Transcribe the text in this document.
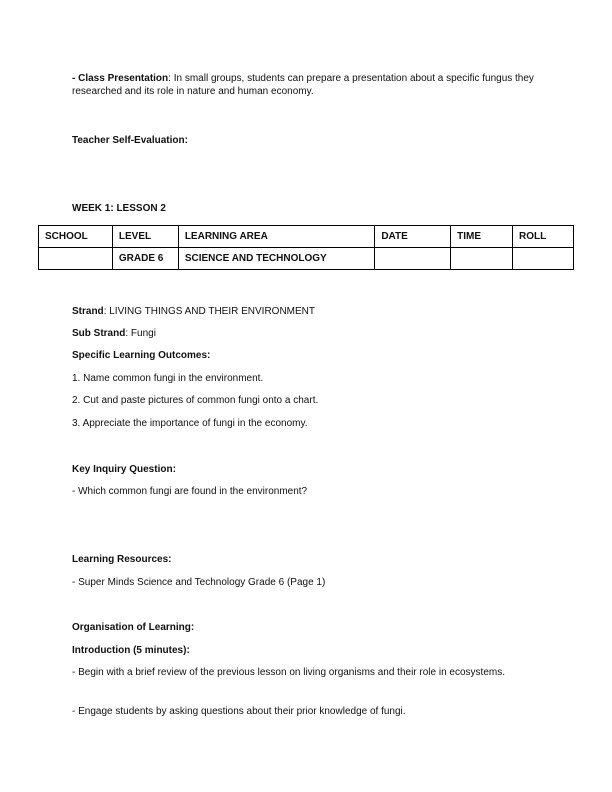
- Class Presentation: In small groups, students can prepare a presentation about a specific fungus they researched and its role in nature and human economy.
Teacher Self-Evaluation:
WEEK 1: LESSON 2
SCHOOL	LEVEL	LEARNING AREA	DATE	TIME	ROLL
	GRADE 6	SCIENCE AND TECHNOLOGY			
Strand: LIVING THINGS AND THEIR ENVIRONMENT
Sub Strand: Fungi
Specific Learning Outcomes:
1. Name common fungi in the environment.
2. Cut and paste pictures of common fungi onto a chart.
3. Appreciate the importance of fungi in the economy.
Key Inquiry Question:
- Which common fungi are found in the environment?
Learning Resources:
- Super Minds Science and Technology Grade 6 (Page 1)
Organisation of Learning:
Introduction (5 minutes):
- Begin with a brief review of the previous lesson on living organisms and their role in ecosystems.
- Engage students by asking questions about their prior knowledge of fungi.
